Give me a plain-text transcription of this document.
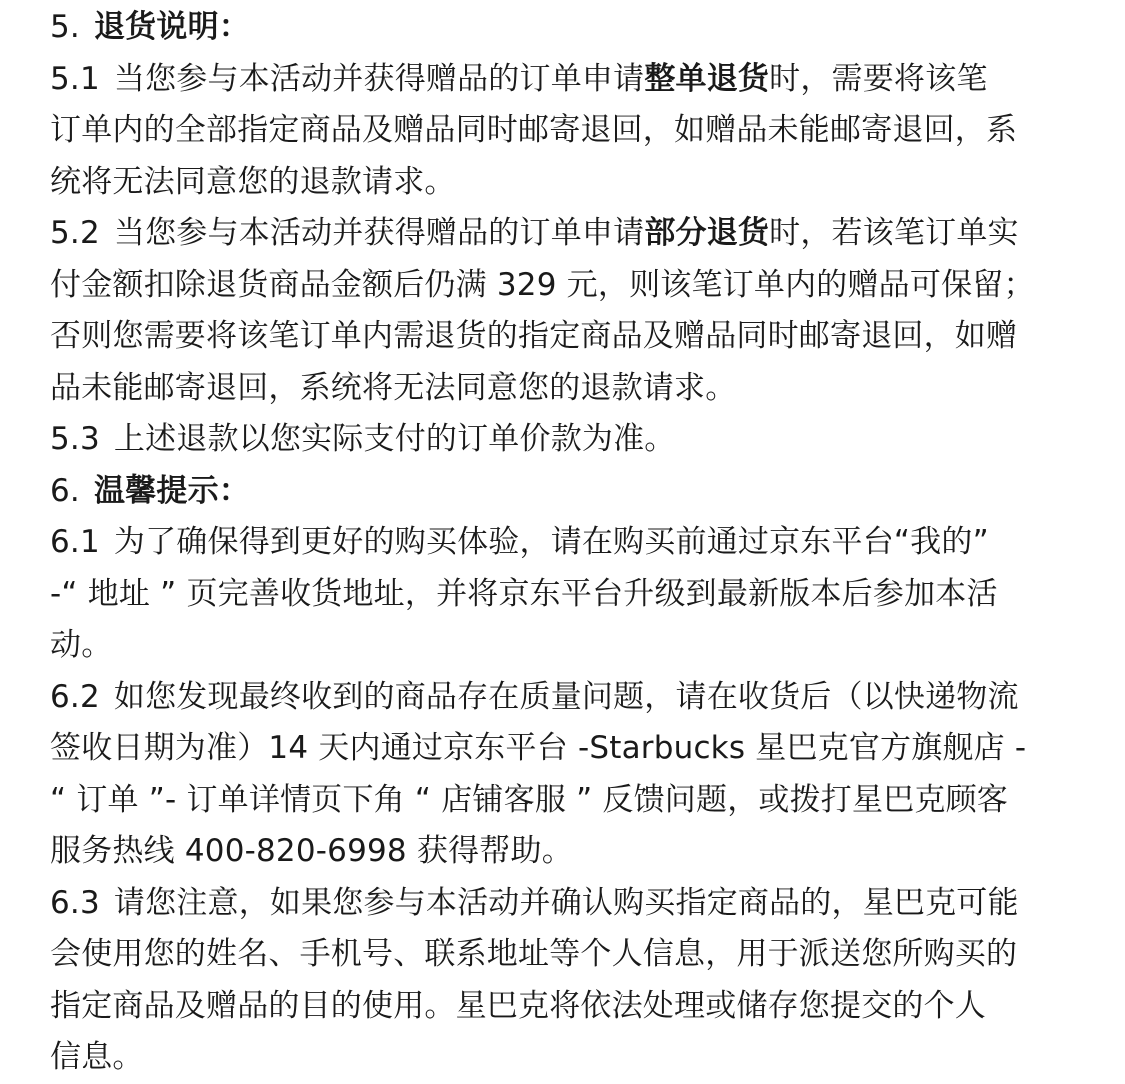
5. 退货说明：
5.1 当您参与本活动并获得赠品的订单申请整单退货时，需要将该笔
订单内的全部指定商品及赠品同时邮寄退回，如赠品未能邮寄退回，系
统将无法同意您的退款请求。
5.2 当您参与本活动并获得赠品的订单申请部分退货时，若该笔订单实
付金额扣除退货商品金额后仍满 329 元，则该笔订单内的赠品可保留；
否则您需要将该笔订单内需退货的指定商品及赠品同时邮寄退回，如赠
品未能邮寄退回，系统将无法同意您的退款请求。
5.3 上述退款以您实际支付的订单价款为准。
6. 温馨提示：
6.1 为了确保得到更好的购买体验，请在购买前通过京东平台“我的”
-“ 地址 ” 页完善收货地址，并将京东平台升级到最新版本后参加本活
动。
6.2 如您发现最终收到的商品存在质量问题，请在收货后（以快递物流
签收日期为准）14 天内通过京东平台 -Starbucks 星巴克官方旗舰店 -
“ 订单 ”- 订单详情页下角 “ 店铺客服 ” 反馈问题，或拨打星巴克顾客
服务热线 400-820-6998 获得帮助。
6.3 请您注意，如果您参与本活动并确认购买指定商品的，星巴克可能
会使用您的姓名、手机号、联系地址等个人信息，用于派送您所购买的
指定商品及赠品的目的使用。星巴克将依法处理或储存您提交的个人
信息。
